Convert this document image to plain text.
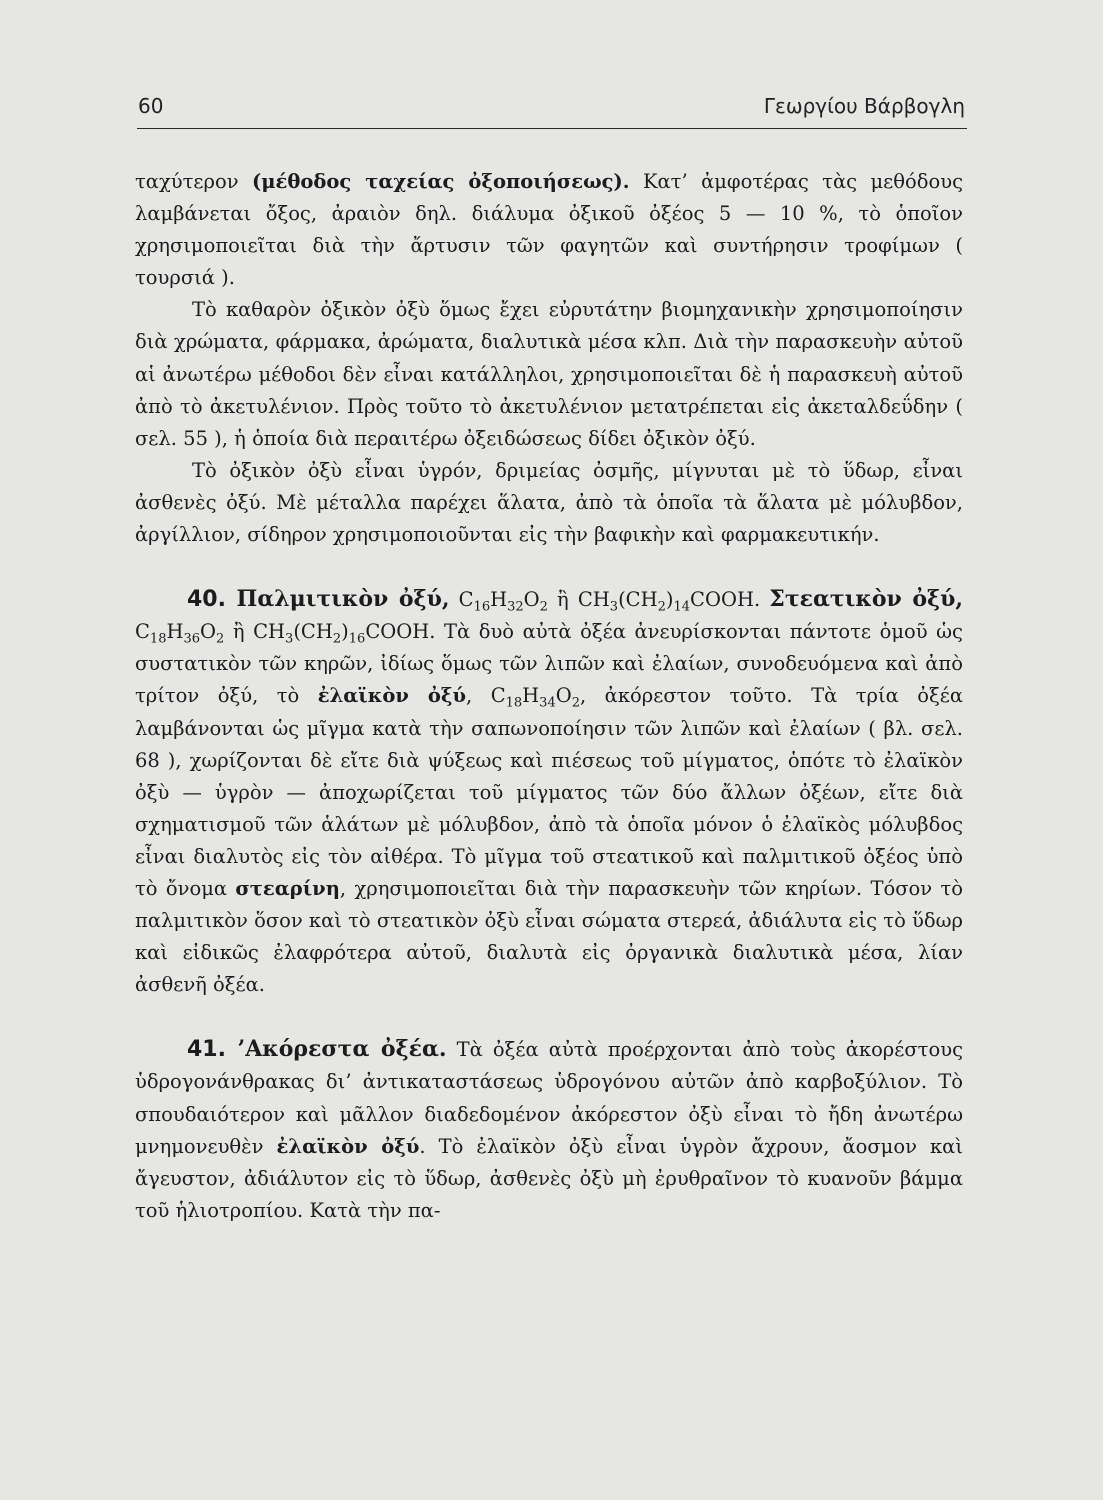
60	Γεωργίου Βάρβογλη

ταχύτερον (μέθοδος ταχείας ὀξοποιήσεως). Κατ’ ἀμφοτέρας τὰς μεθόδους λαμβάνεται ὄξος, ἀραιὸν δηλ. διάλυμα ὀξικοῦ ὀξέος 5 — 10 %, τὸ ὁποῖον χρησιμοποιεῖται διὰ τὴν ἄρτυσιν τῶν φαγητῶν καὶ συντήρησιν τροφίμων ( τουρσιά ).

Τὸ καθαρὸν ὀξικὸν ὀξὺ ὅμως ἔχει εὐρυτάτην βιομηχανικὴν χρησιμοποίησιν διὰ χρώματα, φάρμακα, ἀρώματα, διαλυτικὰ μέσα κλπ. Διὰ τὴν παρασκευὴν αὐτοῦ αἱ ἀνωτέρω μέθοδοι δὲν εἶναι κατάλληλοι, χρησιμοποιεῖται δὲ ἡ παρασκευὴ αὐτοῦ ἀπὸ τὸ ἀκετυλένιον. Πρὸς τοῦτο τὸ ἀκετυλένιον μετατρέπεται εἰς ἀκεταλδεΰδην ( σελ. 55 ), ἡ ὁποία διὰ περαιτέρω ὀξειδώσεως δίδει ὀξικὸν ὀξύ.

Τὸ ὀξικὸν ὀξὺ εἶναι ὑγρόν, δριμείας ὀσμῆς, μίγνυται μὲ τὸ ὕδωρ, εἶναι ἀσθενὲς ὀξύ. Μὲ μέταλλα παρέχει ἅλατα, ἀπὸ τὰ ὁποῖα τὰ ἅλατα μὲ μόλυβδον, ἀργίλλιον, σίδηρον χρησιμοποιοῦνται εἰς τὴν βαφικὴν καὶ φαρμακευτικήν.

40. Παλμιτικὸν ὀξύ, $C_{16}H_{32}O_2$ ἢ $CH_3(CH_2)_{14}COOH$. Στεατικὸν ὀξύ, $C_{18}H_{36}O_2$ ἢ $CH_3(CH_2)_{16}COOH$. Τὰ δυὸ αὐτὰ ὀξέα ἀνευρίσκονται πάντοτε ὁμοῦ ὡς συστατικὸν τῶν κηρῶν, ἰδίως ὅμως τῶν λιπῶν καὶ ἐλαίων, συνοδευόμενα καὶ ἀπὸ τρίτον ὀξύ, τὸ ἐλαϊκὸν ὀξύ, $C_{18}H_{34}O_2$, ἀκόρεστον τοῦτο. Τὰ τρία ὀξέα λαμβάνονται ὡς μῖγμα κατὰ τὴν σαπωνοποίησιν τῶν λιπῶν καὶ ἐλαίων ( βλ. σελ. 68 ), χωρίζονται δὲ εἴτε διὰ ψύξεως καὶ πιέσεως τοῦ μίγματος, ὁπότε τὸ ἐλαϊκὸν ὀξὺ — ὑγρὸν — ἀποχωρίζεται τοῦ μίγματος τῶν δύο ἄλλων ὀξέων, εἴτε διὰ σχηματισμοῦ τῶν ἁλάτων μὲ μόλυβδον, ἀπὸ τὰ ὁποῖα μόνον ὁ ἐλαϊκὸς μόλυβδος εἶναι διαλυτὸς εἰς τὸν αἰθέρα. Τὸ μῖγμα τοῦ στεατικοῦ καὶ παλμιτικοῦ ὀξέος ὑπὸ τὸ ὄνομα στεαρίνη, χρησιμοποιεῖται διὰ τὴν παρασκευὴν τῶν κηρίων. Τόσον τὸ παλμιτικὸν ὅσον καὶ τὸ στεατικὸν ὀξὺ εἶναι σώματα στερεά, ἀδιάλυτα εἰς τὸ ὕδωρ καὶ εἰδικῶς ἐλαφρότερα αὐτοῦ, διαλυτὰ εἰς ὀργανικὰ διαλυτικὰ μέσα, λίαν ἀσθενῆ ὀξέα.

41. ’Ακόρεστα ὀξέα. Τὰ ὀξέα αὐτὰ προέρχονται ἀπὸ τοὺς ἀκορέστους ὑδρογονάνθρακας δι’ ἀντικαταστάσεως ὑδρογόνου αὐτῶν ἀπὸ καρβοξύλιον. Τὸ σπουδαιότερον καὶ μᾶλλον διαδεδομένον ἀκόρεστον ὀξὺ εἶναι τὸ ἤδη ἀνωτέρω μνημονευθὲν ἐλαϊκὸν ὀξύ. Τὸ ἐλαϊκὸν ὀξὺ εἶναι ὑγρὸν ἄχρουν, ἄοσμον καὶ ἄγευστον, ἀδιάλυτον εἰς τὸ ὕδωρ, ἀσθενὲς ὀξὺ μὴ ἐρυθραῖνον τὸ κυανοῦν βάμμα τοῦ ἡλιοτροπίου. Κατὰ τὴν πα-
